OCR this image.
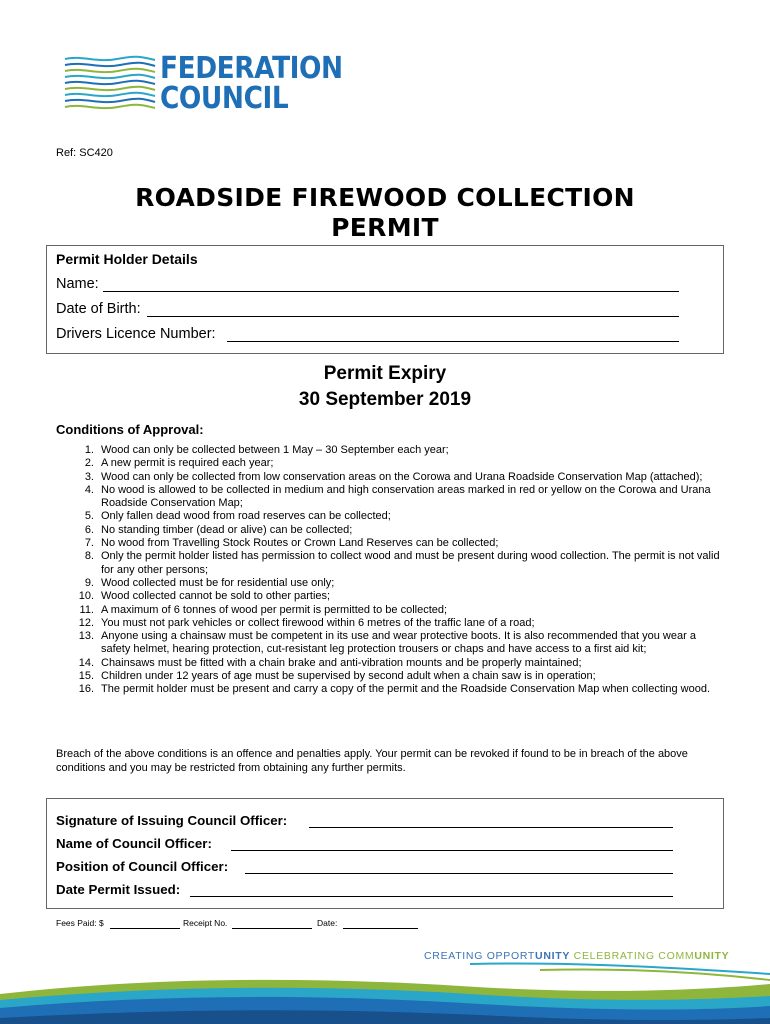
FEDERATION
COUNCIL
Ref: SC420
ROADSIDE FIREWOOD COLLECTION
PERMIT
Permit Holder Details
Name:
Date of Birth:
Drivers Licence Number:
Permit Expiry
30 September 2019
Conditions of Approval:
1. Wood can only be collected between 1 May – 30 September each year;
2. A new permit is required each year;
3. Wood can only be collected from low conservation areas on the Corowa and Urana Roadside Conservation Map (attached);
4. No wood is allowed to be collected in medium and high conservation areas marked in red or yellow on the Corowa and Urana Roadside Conservation Map;
5. Only fallen dead wood from road reserves can be collected;
6. No standing timber (dead or alive) can be collected;
7. No wood from Travelling Stock Routes or Crown Land Reserves can be collected;
8. Only the permit holder listed has permission to collect wood and must be present during wood collection. The permit is not valid for any other persons;
9. Wood collected must be for residential use only;
10. Wood collected cannot be sold to other parties;
11. A maximum of 6 tonnes of wood per permit is permitted to be collected;
12. You must not park vehicles or collect firewood within 6 metres of the traffic lane of a road;
13. Anyone using a chainsaw must be competent in its use and wear protective boots. It is also recommended that you wear a safety helmet, hearing protection, cut-resistant leg protection trousers or chaps and have access to a first aid kit;
14. Chainsaws must be fitted with a chain brake and anti-vibration mounts and be properly maintained;
15. Children under 12 years of age must be supervised by second adult when a chain saw is in operation;
16. The permit holder must be present and carry a copy of the permit and the Roadside Conservation Map when collecting wood.
Breach of the above conditions is an offence and penalties apply. Your permit can be revoked if found to be in breach of the above conditions and you may be restricted from obtaining any further permits.
Signature of Issuing Council Officer:
Name of Council Officer:
Position of Council Officer:
Date Permit Issued:
Fees Paid: $	Receipt No.	Date:
CREATING OPPORTUNITY CELEBRATING COMMUNITY
